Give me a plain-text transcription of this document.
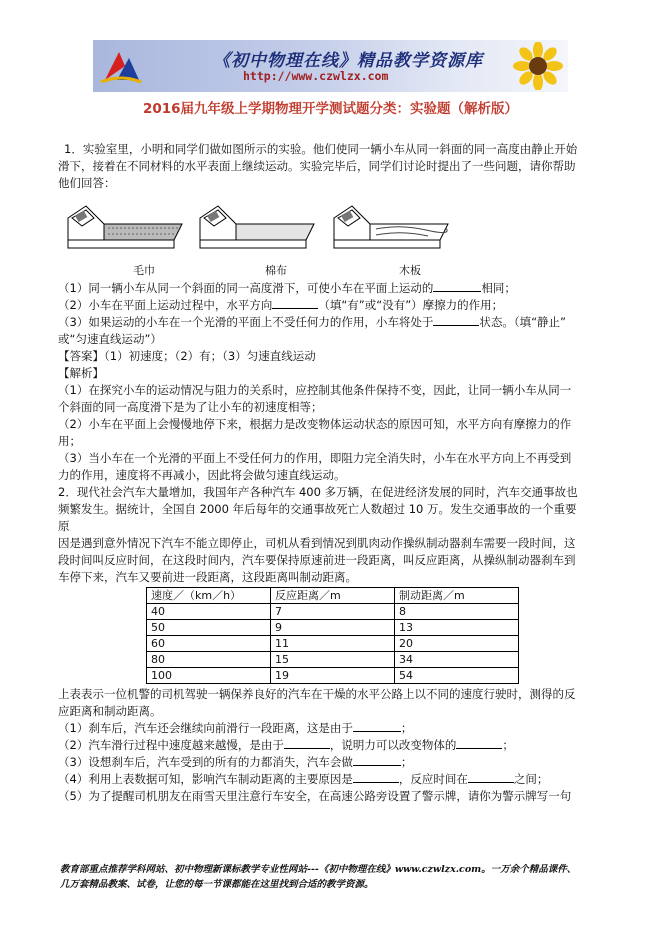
《初中物理在线》精品教学资源库
http://www.czwlzx.com
2016届九年级上学期物理开学测试题分类：实验题（解析版）

1．实验室里，小明和同学们做如图所示的实验。他们使同一辆小车从同一斜面的同一高度由静止开始

滑下，接着在不同材料的水平表面上继续运动。实验完毕后，同学们讨论时提出了一些问题，请你帮助

他们回答：

毛巾	棉布	木板

（1）同一辆小车从同一个斜面的同一高度滑下，可使小车在平面上运动的	相同；

（2）小车在平面上运动过程中，水平方向	（填“有”或“没有”）摩擦力的作用；

（3）如果运动的小车在一个光滑的平面上不受任何力的作用，小车将处于	状态。（填“静止”

或“匀速直线运动”）

【答案】（1）初速度；（2）有；（3）匀速直线运动

【解析】

（1）在探究小车的运动情况与阻力的关系时，应控制其他条件保持不变，因此，让同一辆小车从同一

个斜面的同一高度滑下是为了让小车的初速度相等；

（2）小车在平面上会慢慢地停下来，根据力是改变物体运动状态的原因可知，水平方向有摩擦力的作用；

（3）当小车在一个光滑的平面上不受任何力的作用，即阻力完全消失时，小车在水平方向上不再受到

力的作用，速度将不再减小，因此将会做匀速直线运动。

2．现代社会汽车大量增加，我国年产各种汽车 400 多万辆，在促进经济发展的同时，汽车交通事故也

频繁发生。据统计，全国自 2000 年后每年的交通事故死亡人数超过 10 万。发生交通事故的一个重要原

因是遇到意外情况下汽车不能立即停止，司机从看到情况到肌肉动作操纵制动器刹车需要一段时间，这

段时间叫反应时间，在这段时间内，汽车要保持原速前进一段距离，叫反应距离，从操纵制动器刹车到

车停下来，汽车又要前进一段距离，这段距离叫制动距离。

速度／（km／h）	反应距离／m	制动距离／m
40	7	8
50	9	13
60	11	20
80	15	34
100	19	54

上表表示一位机警的司机驾驶一辆保养良好的汽车在干燥的水平公路上以不同的速度行驶时，测得的反

应距离和制动距离。

（1）刹车后，汽车还会继续向前滑行一段距离，这是由于	；

（2）汽车滑行过程中速度越来越慢，是由于	，说明力可以改变物体的	；

（3）设想刹车后，汽车受到的所有的力都消失，汽车会做	；

（4）利用上表数据可知，影响汽车制动距离的主要原因是	，反应时间在	之间；

（5）为了提醒司机朋友在雨雪天里注意行车安全，在高速公路旁设置了警示牌，请你为警示牌写一句

教育部重点推荐学科网站、初中物理新课标教学专业性网站---《初中物理在线》www.czwlzx.com。一万余个精品课件、
几万套精品教案、试卷，让您的每一节课都能在这里找到合适的教学资源。
